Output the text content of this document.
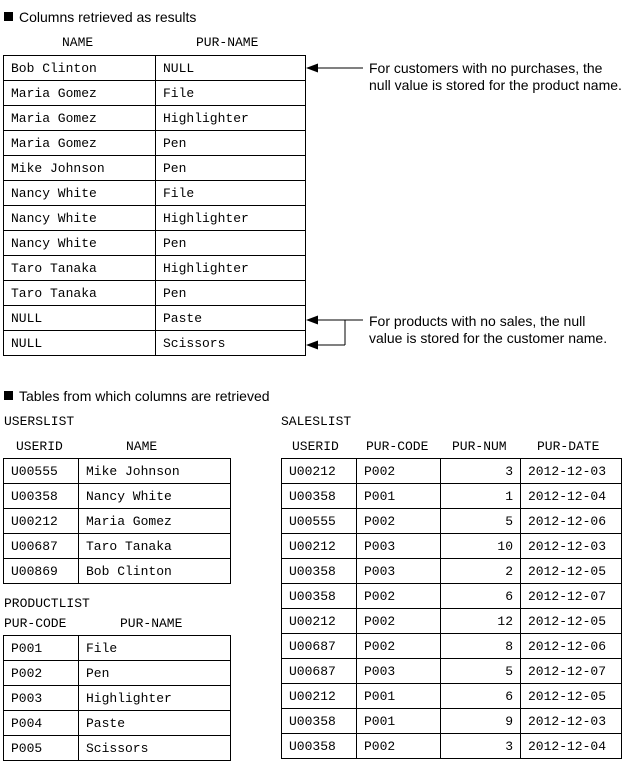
Columns retrieved as results
NAME	PUR-NAME
Bob Clinton	NULL
Maria Gomez	File
Maria Gomez	Highlighter
Maria Gomez	Pen
Mike Johnson	Pen
Nancy White	File
Nancy White	Highlighter
Nancy White	Pen
Taro Tanaka	Highlighter
Taro Tanaka	Pen
NULL	Paste
NULL	Scissors
For customers with no purchases, the
null value is stored for the product name.
For products with no sales, the null
value is stored for the customer name.
Tables from which columns are retrieved
USERSLIST
USERID	NAME
U00555	Mike Johnson
U00358	Nancy White
U00212	Maria Gomez
U00687	Taro Tanaka
U00869	Bob Clinton
PRODUCTLIST
PUR-CODE	PUR-NAME
P001	File
P002	Pen
P003	Highlighter
P004	Paste
P005	Scissors
SALESLIST
USERID PUR-CODE PUR-NUM PUR-DATE
U00212	P002	3	2012-12-03
U00358	P001	1	2012-12-04
U00555	P002	5	2012-12-06
U00212	P003	10	2012-12-03
U00358	P003	2	2012-12-05
U00358	P002	6	2012-12-07
U00212	P002	12	2012-12-05
U00687	P002	8	2012-12-06
U00687	P003	5	2012-12-07
U00212	P001	6	2012-12-05
U00358	P001	9	2012-12-03
U00358	P002	3	2012-12-04
